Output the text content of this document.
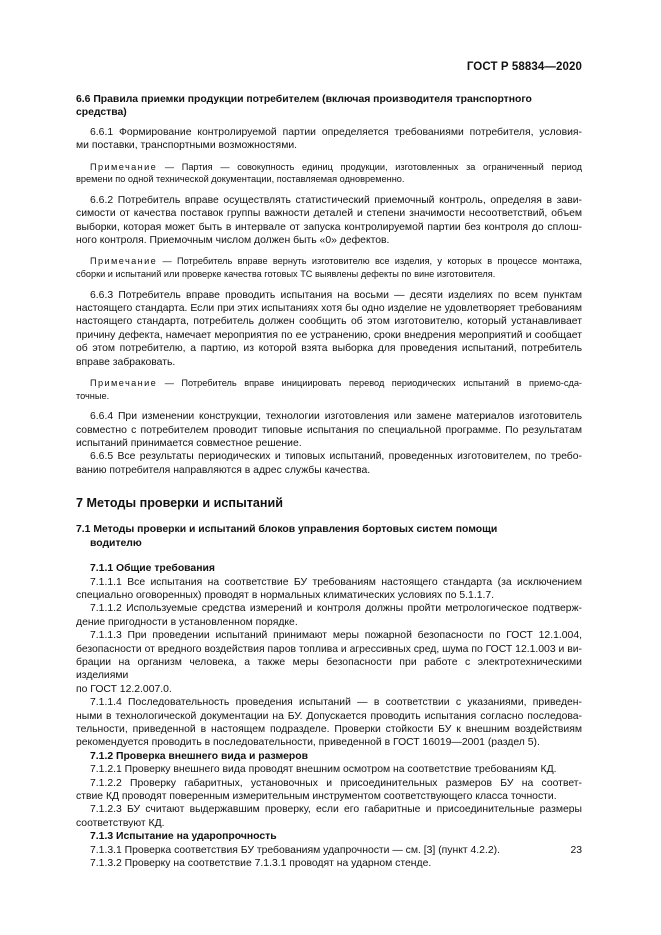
ГОСТ Р 58834—2020
6.6 Правила приемки продукции потребителем (включая производителя транспортного
средства)
6.6.1 Формирование контролируемой партии определяется требованиями потребителя, условия-
ми поставки, транспортными возможностями.
Примечание — Партия — совокупность единиц продукции, изготовленных за ограниченный период
времени по одной технической документации, поставляемая одновременно.
6.6.2 Потребитель вправе осуществлять статистический приемочный контроль, определяя в зави-
симости от качества поставок группы важности деталей и степени значимости несоответствий, объем
выборки, которая может быть в интервале от запуска контролируемой партии без контроля до сплош-
ного контроля. Приемочным числом должен быть «0» дефектов.
Примечание — Потребитель вправе вернуть изготовителю все изделия, у которых в процессе монтажа,
сборки и испытаний или проверке качества готовых ТС выявлены дефекты по вине изготовителя.
6.6.3 Потребитель вправе проводить испытания на восьми — десяти изделиях по всем пунктам
настоящего стандарта. Если при этих испытаниях хотя бы одно изделие не удовлетворяет требованиям
настоящего стандарта, потребитель должен сообщить об этом изготовителю, который устанавливает
причину дефекта, намечает мероприятия по ее устранению, сроки внедрения мероприятий и сообщает
об этом потребителю, а партию, из которой взята выборка для проведения испытаний, потребитель
вправе забраковать.
Примечание — Потребитель вправе инициировать перевод периодических испытаний в приемо-сда-
точные.
6.6.4 При изменении конструкции, технологии изготовления или замене материалов изготовитель
совместно с потребителем проводит типовые испытания по специальной программе. По результатам
испытаний принимается совместное решение.
6.6.5 Все результаты периодических и типовых испытаний, проведенных изготовителем, по требо-
ванию потребителя направляются в адрес службы качества.
7 Методы проверки и испытаний
7.1 Методы проверки и испытаний блоков управления бортовых систем помощи
водителю
7.1.1 Общие требования
7.1.1.1 Все испытания на соответствие БУ требованиям настоящего стандарта (за исключением
специально оговоренных) проводят в нормальных климатических условиях по 5.1.1.7.
7.1.1.2 Используемые средства измерений и контроля должны пройти метрологическое подтверж-
дение пригодности в установленном порядке.
7.1.1.3 При проведении испытаний принимают меры пожарной безопасности по ГОСТ 12.1.004,
безопасности от вредного воздействия паров топлива и агрессивных сред, шума по ГОСТ 12.1.003 и ви-
брации на организм человека, а также меры безопасности при работе с электротехническими изделиями
по ГОСТ 12.2.007.0.
7.1.1.4 Последовательность проведения испытаний — в соответствии с указаниями, приведен-
ными в технологической документации на БУ. Допускается проводить испытания согласно последова-
тельности, приведенной в настоящем подразделе. Проверки стойкости БУ к внешним воздействиям
рекомендуется проводить в последовательности, приведенной в ГОСТ 16019—2001 (раздел 5).
7.1.2 Проверка внешнего вида и размеров
7.1.2.1 Проверку внешнего вида проводят внешним осмотром на соответствие требованиям КД.
7.1.2.2 Проверку габаритных, установочных и присоединительных размеров БУ на соответ-
ствие КД проводят поверенным измерительным инструментом соответствующего класса точности.
7.1.2.3 БУ считают выдержавшим проверку, если его габаритные и присоединительные размеры
соответствуют КД.
7.1.3 Испытание на ударопрочность
7.1.3.1 Проверка соответствия БУ требованиям удапрочности — см. [3] (пункт 4.2.2).
7.1.3.2 Проверку на соответствие 7.1.3.1 проводят на ударном стенде.
23
